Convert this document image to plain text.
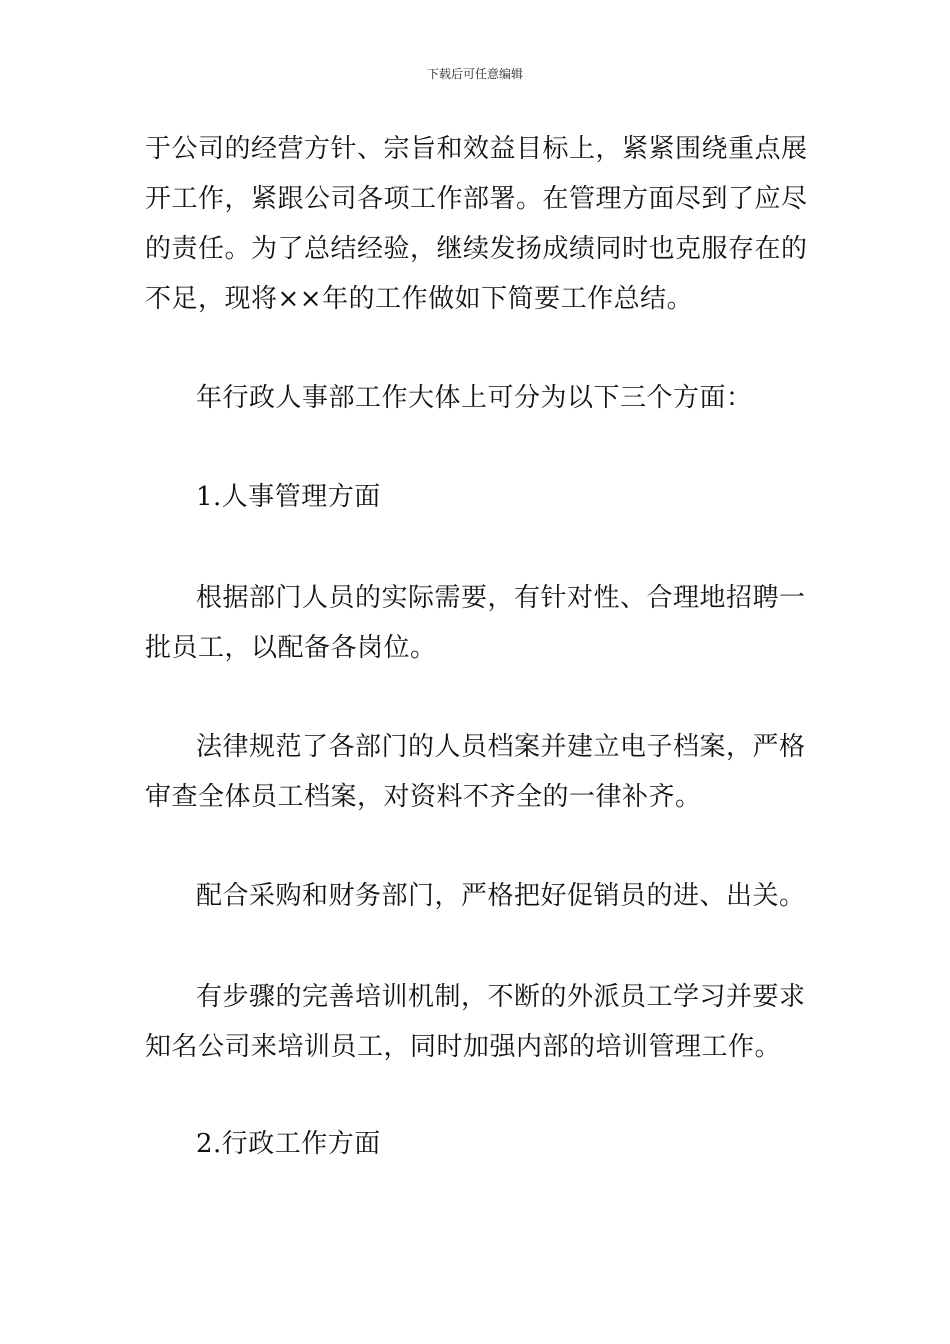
下载后可任意编辑
于公司的经营方针、宗旨和效益目标上，紧紧围绕重点展
开工作，紧跟公司各项工作部署。在管理方面尽到了应尽
的责任。为了总结经验，继续发扬成绩同时也克服存在的
不足，现将××年的工作做如下简要工作总结。
年行政人事部工作大体上可分为以下三个方面：
1.人事管理方面
根据部门人员的实际需要，有针对性、合理地招聘一
批员工，以配备各岗位。
法律规范了各部门的人员档案并建立电子档案，严格
审查全体员工档案，对资料不齐全的一律补齐。
配合采购和财务部门，严格把好促销员的进、出关。
有步骤的完善培训机制，不断的外派员工学习并要求
知名公司来培训员工，同时加强内部的培训管理工作。
2.行政工作方面
